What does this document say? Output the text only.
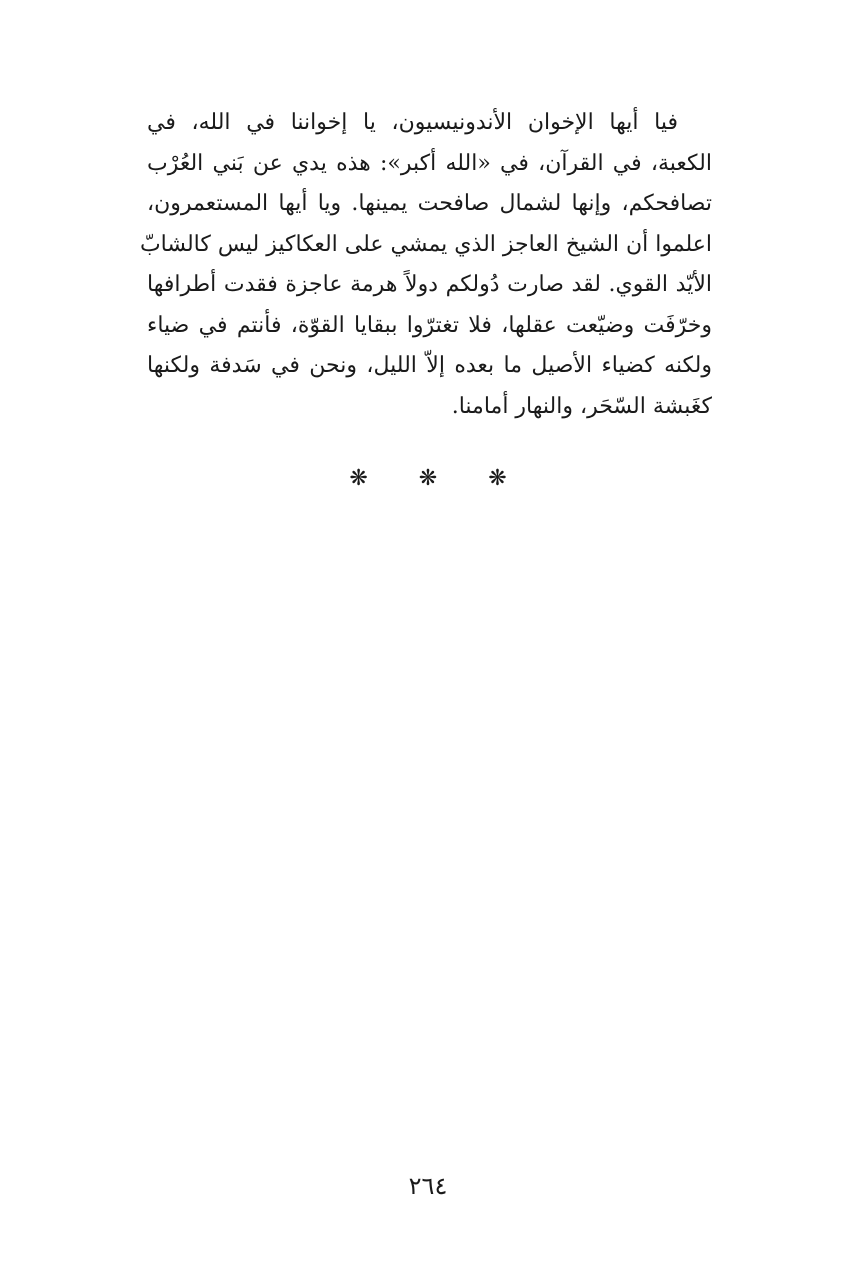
فيا أيها الإخوان الأندونيسيون، يا إخواننا في الله، في
الكعبة، في القرآن، في «الله أكبر»: هذه يدي عن بَني العُرْب
تصافحكم، وإنها لشمال صافحت يمينها. ويا أيها المستعمرون،
اعلموا أن الشيخ العاجز الذي يمشي على العكاكيز ليس كالشابّ
الأيّد القوي. لقد صارت دُولكم دولاً هرمة عاجزة فقدت أطرافها
وخرّفَت وضيّعت عقلها، فلا تغترّوا ببقايا القوّة، فأنتم في ضياء
ولكنه كضياء الأصيل ما بعده إلاّ الليل، ونحن في سَدفة ولكنها
كغَبشة السّحَر، والنهار أمامنا.
❋ ❋ ❋
٢٦٤
